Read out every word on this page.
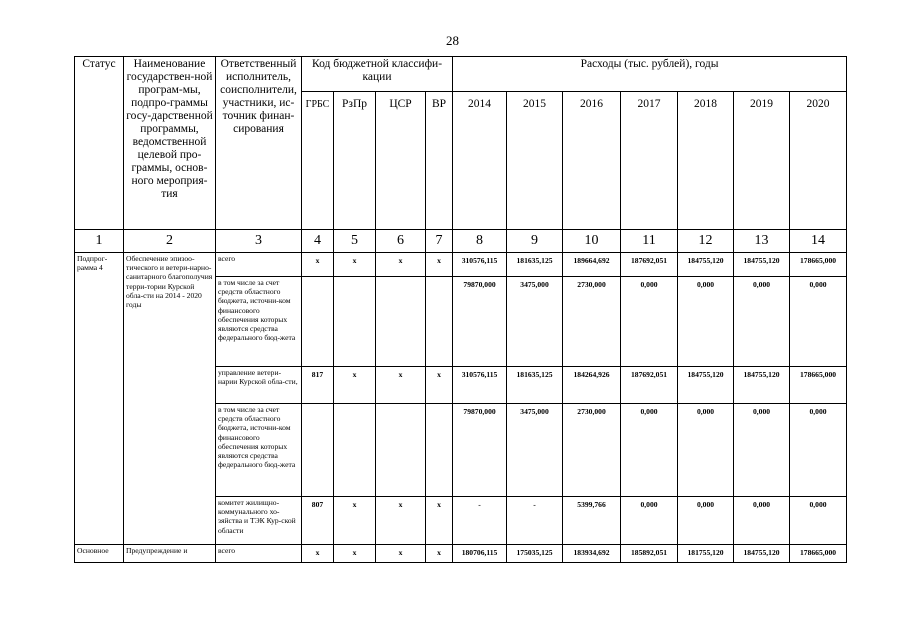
28
Статус	Наименование государствен-ной програм-мы, подпро-граммы госу-дарственной программы, ведомственной целевой про-граммы, основ-ного мероприя-тия	Ответственный исполнитель, соисполнители, участники, ис-точник финан-сирования	Код бюджетной классифи-кации				Расходы (тыс. рублей), годы						
			ГРБС	РзПр	ЦСР	ВР	2014	2015	2016	2017	2018	2019	2020
1	2	3	4	5	6	7	8	9	10	11	12	13	14
Подпрог-рамма 4	Обеспечение эпизоо-тического и ветери-нарно-санитарного благополучия терри-тории Курской обла-сти на 2014 - 2020 годы	всего	х	х	х	х	310576,115	181635,125	189664,692	187692,051	184755,120	184755,120	178665,000
		в том числе за счет средств областного бюджета, источни-ком финансового обеспечения которых являются средства федерального бюд-жета					79870,000	3475,000	2730,000	0,000	0,000	0,000	0,000
		управление ветери-нарии Курской обла-сти,	817	х	х	х	310576,115	181635,125	184264,926	187692,051	184755,120	184755,120	178665,000
		в том числе за счет средств областного бюджета, источни-ком финансового обеспечения которых являются средства федерального бюд-жета					79870,000	3475,000	2730,000	0,000	0,000	0,000	0,000
		комитет жилищно-коммунального хо-зяйства и ТЭК Кур-ской области	807	х	х	х	-	-	5399,766	0,000	0,000	0,000	0,000
Основное	Предупреждение и	всего	х	х	х	х	180706,115	175035,125	183934,692	185892,051	181755,120	184755,120	178665,000
